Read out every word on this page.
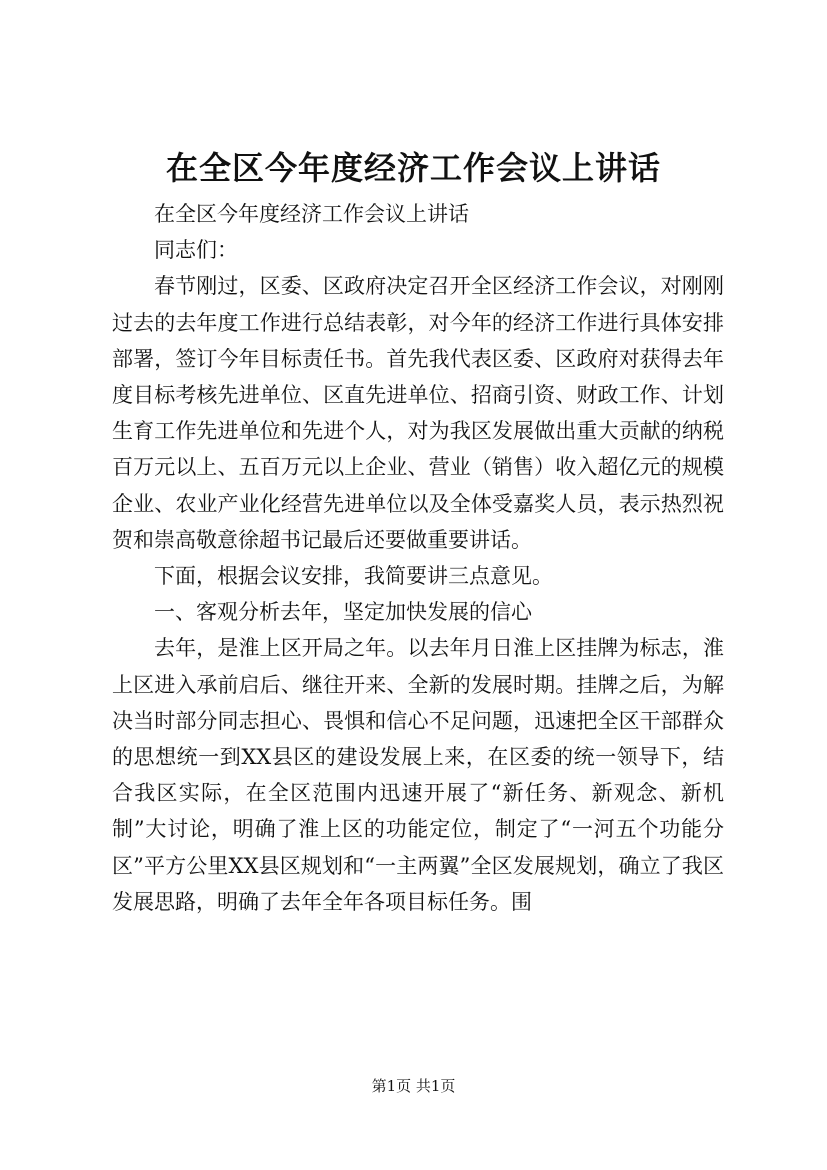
在全区今年度经济工作会议上讲话

在全区今年度经济工作会议上讲话

同志们：

春节刚过，区委、区政府决定召开全区经济工作会议，对刚刚过去的去年度工作进行总结表彰，对今年的经济工作进行具体安排部署，签订今年目标责任书。首先我代表区委、区政府对获得去年度目标考核先进单位、区直先进单位、招商引资、财政工作、计划生育工作先进单位和先进个人，对为我区发展做出重大贡献的纳税百万元以上、五百万元以上企业、营业（销售）收入超亿元的规模企业、农业产业化经营先进单位以及全体受嘉奖人员，表示热烈祝贺和崇高敬意徐超书记最后还要做重要讲话。

下面，根据会议安排，我简要讲三点意见。

一、客观分析去年，坚定加快发展的信心

去年，是淮上区开局之年。以去年月日淮上区挂牌为标志，淮上区进入承前启后、继往开来、全新的发展时期。挂牌之后，为解决当时部分同志担心、畏惧和信心不足问题，迅速把全区干部群众的思想统一到XX县区的建设发展上来，在区委的统一领导下，结合我区实际，在全区范围内迅速开展了“新任务、新观念、新机制”大讨论，明确了淮上区的功能定位，制定了“一河五个功能分区”平方公里XX县区规划和“一主两翼”全区发展规划，确立了我区发展思路，明确了去年全年各项目标任务。围

第1页 共1页
